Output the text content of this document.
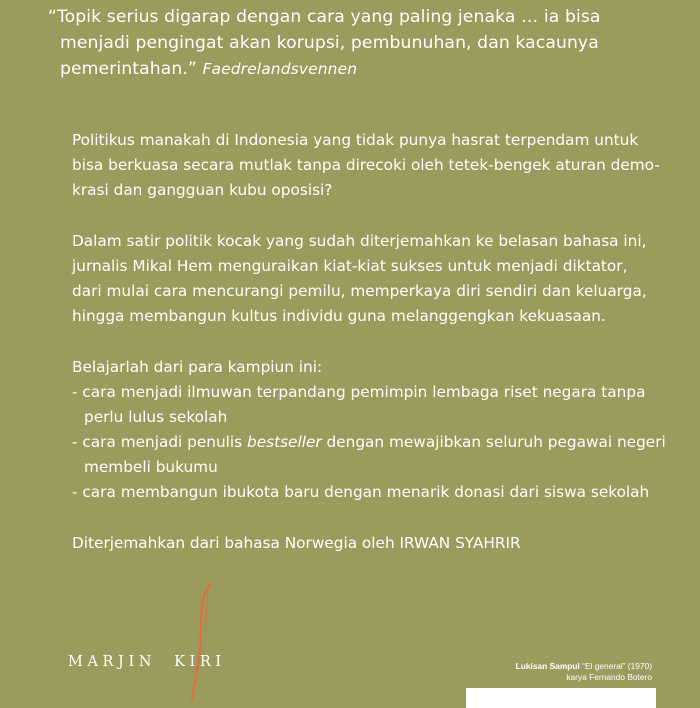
“Topik serius digarap dengan cara yang paling jenaka … ia bisa
menjadi pengingat akan korupsi, pembunuhan, dan kacaunya
pemerintahan.” Faedrelandsvennen
Politikus manakah di Indonesia yang tidak punya hasrat terpendam untuk
bisa berkuasa secara mutlak tanpa direcoki oleh tetek-bengek aturan demo-
krasi dan gangguan kubu oposisi?
Dalam satir politik kocak yang sudah diterjemahkan ke belasan bahasa ini,
jurnalis Mikal Hem menguraikan kiat-kiat sukses untuk menjadi diktator,
dari mulai cara mencurangi pemilu, memperkaya diri sendiri dan keluarga,
hingga membangun kultus individu guna melanggengkan kekuasaan.
Belajarlah dari para kampiun ini:
- cara menjadi ilmuwan terpandang pemimpin lembaga riset negara tanpa
perlu lulus sekolah
- cara menjadi penulis bestseller dengan mewajibkan seluruh pegawai negeri
membeli bukumu
- cara membangun ibukota baru dengan menarik donasi dari siswa sekolah
Diterjemahkan dari bahasa Norwegia oleh IRWAN SYAHRIR
MARJIN KIRI	Lukisan Sampul “El general” (1970)
karya Fernando Botero
